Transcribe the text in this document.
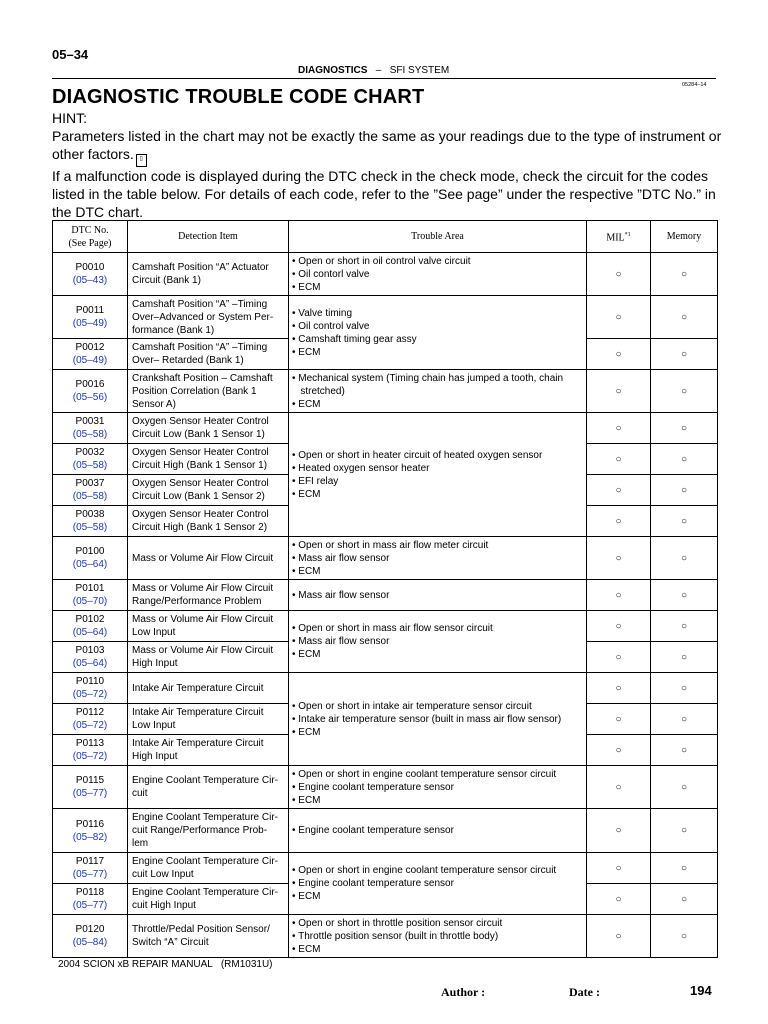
05–34
DIAGNOSTICS – SFI SYSTEM
05284–14
DIAGNOSTIC TROUBLE CODE CHART

HINT:

Parameters listed in the chart may not be exactly the same as your readings due to the type of instrument or other factors. ▯

If a malfunction code is displayed during the DTC check in the check mode, check the circuit for the codes listed in the table below. For details of each code, refer to the ”See page” under the respective ”DTC No.” in the DTC chart.

DTC No.
(See Page)	Detection Item	Trouble Area	MIL$^{*1}$	Memory

P0010
(05–43)	Camshaft Position “A” Actuator
Circuit (Bank 1)	• Open or short in oil control valve circuit
• Oil contorl valve
• ECM	○	○

P0011
(05–49)	Camshaft Position “A” –Timing
Over–Advanced or System Per-
formance (Bank 1)	• Valve timing
• Oil control valve
• Camshaft timing gear assy
• ECM	○	○

P0012
(05–49)	Camshaft Position “A” –Timing
Over– Retarded (Bank 1)		○	○

P0016
(05–56)	Crankshaft Position – Camshaft
Position Correlation (Bank 1
Sensor A)	• Mechanical system (Timing chain has jumped a tooth, chain
stretched)
• ECM	○	○

P0031
(05–58)	Oxygen Sensor Heater Control
Circuit Low (Bank 1 Sensor 1)	• Open or short in heater circuit of heated oxygen sensor
• Heated oxygen sensor heater
• EFI relay
• ECM	○	○

P0032
(05–58)	Oxygen Sensor Heater Control
Circuit High (Bank 1 Sensor 1)		○	○

P0037
(05–58)	Oxygen Sensor Heater Control
Circuit Low (Bank 1 Sensor 2)		○	○

P0038
(05–58)	Oxygen Sensor Heater Control
Circuit High (Bank 1 Sensor 2)		○	○

P0100
(05–64)	Mass or Volume Air Flow Circuit	• Open or short in mass air flow meter circuit
• Mass air flow sensor
• ECM	○	○

P0101
(05–70)	Mass or Volume Air Flow Circuit
Range/Performance Problem	• Mass air flow sensor	○	○

P0102
(05–64)	Mass or Volume Air Flow Circuit
Low Input	• Open or short in mass air flow sensor circuit
• Mass air flow sensor
• ECM	○	○

P0103
(05–64)	Mass or Volume Air Flow Circuit
High Input		○	○

P0110
(05–72)	Intake Air Temperature Circuit	• Open or short in intake air temperature sensor circuit
• Intake air temperature sensor (built in mass air flow sensor)
• ECM	○	○

P0112
(05–72)	Intake Air Temperature Circuit
Low Input		○	○

P0113
(05–72)	Intake Air Temperature Circuit
High Input		○	○

P0115
(05–77)	Engine Coolant Temperature Cir-
cuit	• Open or short in engine coolant temperature sensor circuit
• Engine coolant temperature sensor
• ECM	○	○

P0116
(05–82)	Engine Coolant Temperature Cir-
cuit Range/Performance Prob-
lem	• Engine coolant temperature sensor	○	○

P0117
(05–77)	Engine Coolant Temperature Cir-
cuit Low Input	• Open or short in engine coolant temperature sensor circuit
• Engine coolant temperature sensor
• ECM	○	○

P0118
(05–77)	Engine Coolant Temperature Cir-
cuit High Input		○	○

P0120
(05–84)	Throttle/Pedal Position Sensor/
Switch “A” Circuit	• Open or short in throttle position sensor circuit
• Throttle position sensor (built in throttle body)
• ECM	○	○
2004 SCION xB REPAIR MANUAL   (RM1031U)
Author :	Date :	194
